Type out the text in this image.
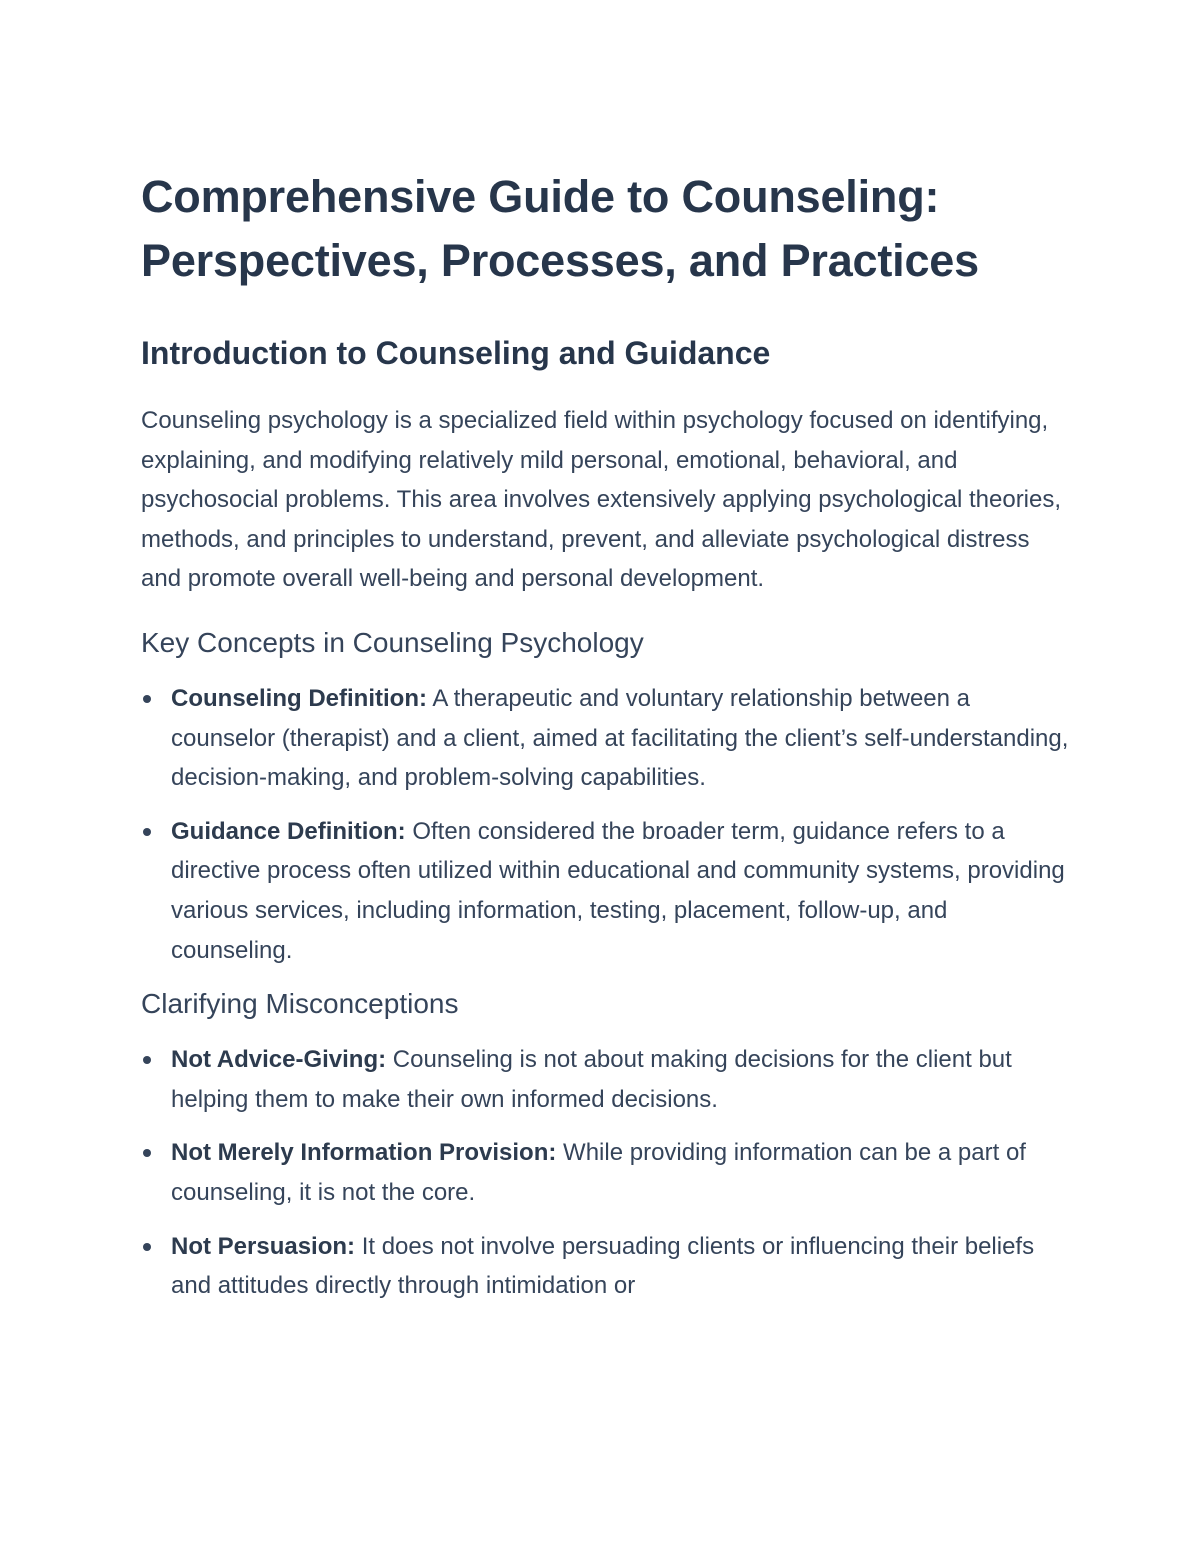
Comprehensive Guide to Counseling:
Perspectives, Processes, and Practices
Introduction to Counseling and Guidance

Counseling psychology is a specialized field within psychology focused on identifying, explaining, and modifying relatively mild personal, emotional, behavioral, and psychosocial problems. This area involves extensively applying psychological theories, methods, and principles to understand, prevent, and alleviate psychological distress and promote overall well-being and personal development.

Key Concepts in Counseling Psychology
Counseling Definition: A therapeutic and voluntary relationship between a counselor (therapist) and a client, aimed at facilitating the client’s self-understanding, decision-making, and problem-solving capabilities.
Guidance Definition: Often considered the broader term, guidance refers to a directive process often utilized within educational and community systems, providing various services, including information, testing, placement, follow-up, and counseling.
Clarifying Misconceptions
Not Advice-Giving: Counseling is not about making decisions for the client but helping them to make their own informed decisions.
Not Merely Information Provision: While providing information can be a part of counseling, it is not the core.
Not Persuasion: It does not involve persuading clients or influencing their beliefs and attitudes directly through intimidation or
